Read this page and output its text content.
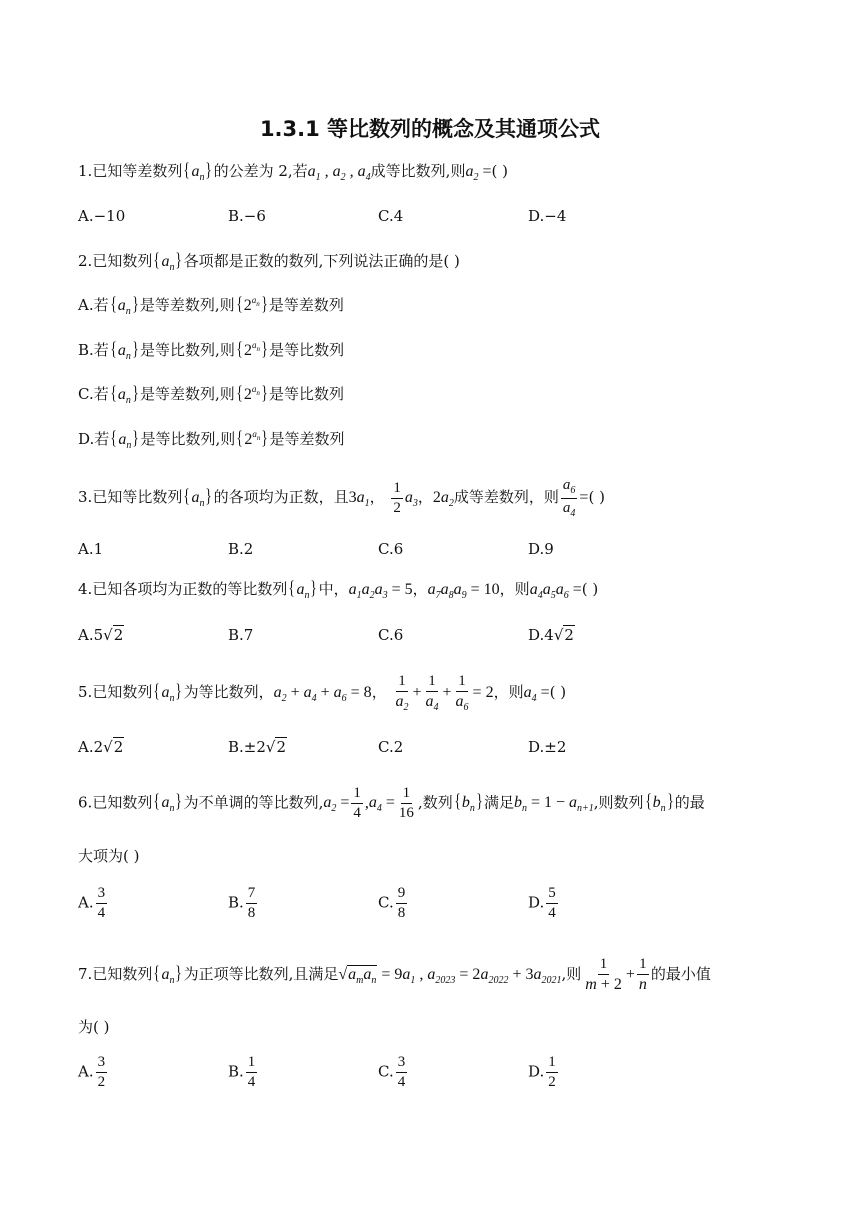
1.3.1 等比数列的概念及其通项公式
1.已知等差数列$\{a_n\}$的公差为 2,若$a_1$ , $a_2$ , $a_4$成等比数列,则$a_2$ =( )
A.−10	B.−6	C.4	D.−4
2.已知数列$\{a_n\}$各项都是正数的数列,下列说法正确的是( )
A.若$\{a_n\}$是等差数列,则$\{2^{a_n}\}$是等差数列
B.若$\{a_n\}$是等比数列,则$\{2^{a_n}\}$是等比数列
C.若$\{a_n\}$是等差数列,则$\{2^{a_n}\}$是等比数列
D.若$\{a_n\}$是等比数列,则$\{2^{a_n}\}$是等差数列
3.已知等比数列$\{a_n\}$的各项均为正数，且$3a_1$， $\frac{1}{2} a_3$，$2a_2$成等差数列，则 $\frac{a_6}{a_4}$ =( )
A.1	B.2	C.6	D.9
4.已知各项均为正数的等比数列$\{a_n\}$中，$a_1a_2a_3 = 5$，$a_7a_8a_9 = 10$，则$a_4a_5a_6$ =( )
A.5√2	B.7	C.6	D.4√2
5.已知数列$\{a_n\}$为等比数列，$a_2 + a_4 + a_6 = 8$， $\frac{1}{a_2} + \frac{1}{a_4} + \frac{1}{a_6} = 2$，则$a_4$ =( )
A.2√2	B.±2√2	C.2	D.±2
6.已知数列$\{a_n\}$为不单调的等比数列$,a_2 = \frac{1}{4} ,a_4 = \frac{1}{16}$ ,数列$\{b_n\}$满足$b_n = 1 - a_{n+1}$,则数列$\{b_n\}$的最
大项为( )
A. $\frac{3}{4}$	B. $\frac{7}{8}$	C. $\frac{9}{8}$	D. $\frac{5}{4}$
7.已知数列$\{a_n\}$为正项等比数列,且满足$√a_ma_n = 9a_1$ , $a_{2023} = 2a_{2022} + 3a_{2021}$,则 $\frac{1}{m + 2} + \frac{1}{n}$ 的最小值
为( )
A. $\frac{3}{2}$	B. $\frac{1}{4}$	C. $\frac{3}{4}$	D. $\frac{1}{2}$
